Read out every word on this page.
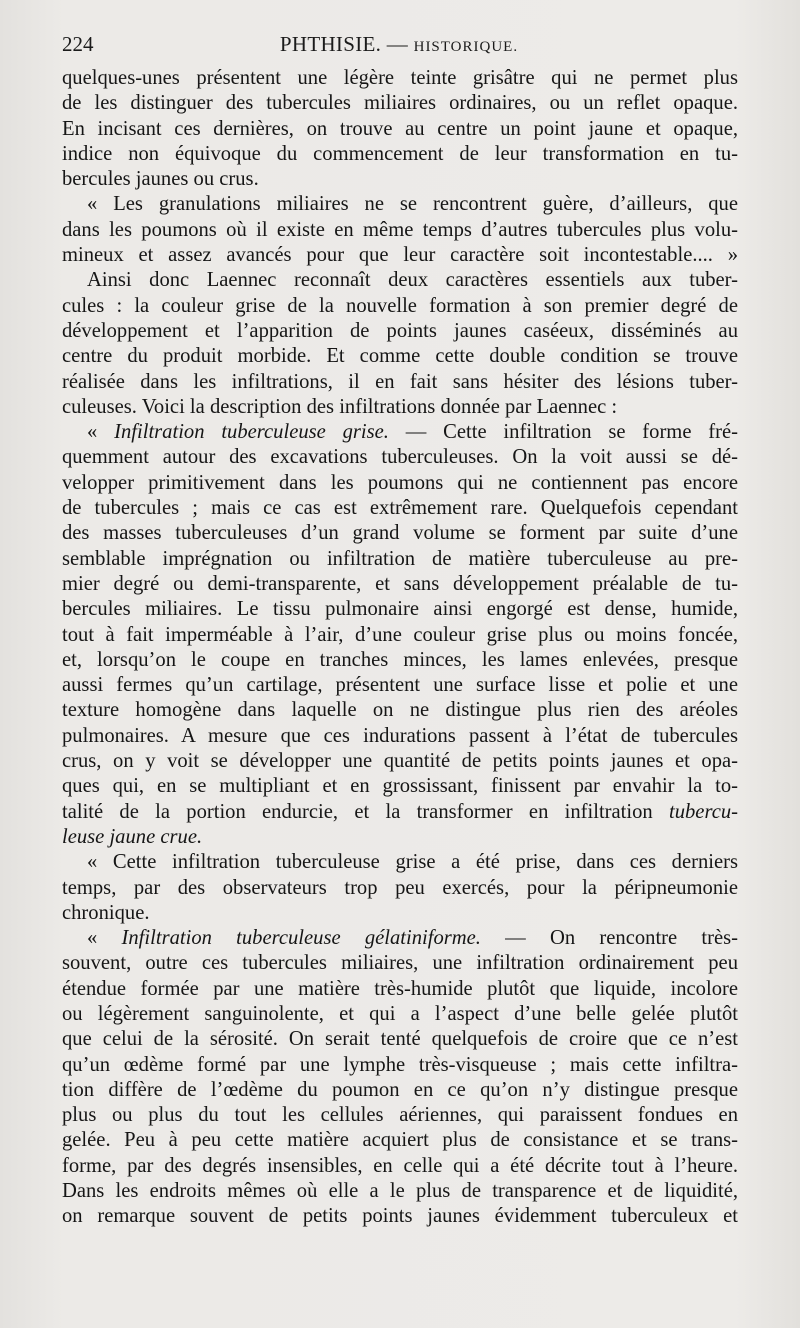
224	PHTHISIE. — HISTORIQUE.
quelques-unes présentent une légère teinte grisâtre qui ne permet plus
de les distinguer des tubercules miliaires ordinaires, ou un reflet opaque.
En incisant ces dernières, on trouve au centre un point jaune et opaque,
indice non équivoque du commencement de leur transformation en tu-
bercules jaunes ou crus.
« Les granulations miliaires ne se rencontrent guère, d’ailleurs, que
dans les poumons où il existe en même temps d’autres tubercules plus volu-
mineux et assez avancés pour que leur caractère soit incontestable.... »
Ainsi donc Laennec reconnaît deux caractères essentiels aux tuber-
cules : la couleur grise de la nouvelle formation à son premier degré de
développement et l’apparition de points jaunes caséeux, disséminés au
centre du produit morbide. Et comme cette double condition se trouve
réalisée dans les infiltrations, il en fait sans hésiter des lésions tuber-
culeuses. Voici la description des infiltrations donnée par Laennec :
« Infiltration tuberculeuse grise. — Cette infiltration se forme fré-
quemment autour des excavations tuberculeuses. On la voit aussi se dé-
velopper primitivement dans les poumons qui ne contiennent pas encore
de tubercules ; mais ce cas est extrêmement rare. Quelquefois cependant
des masses tuberculeuses d’un grand volume se forment par suite d’une
semblable imprégnation ou infiltration de matière tuberculeuse au pre-
mier degré ou demi-transparente, et sans développement préalable de tu-
bercules miliaires. Le tissu pulmonaire ainsi engorgé est dense, humide,
tout à fait imperméable à l’air, d’une couleur grise plus ou moins foncée,
et, lorsqu’on le coupe en tranches minces, les lames enlevées, presque
aussi fermes qu’un cartilage, présentent une surface lisse et polie et une
texture homogène dans laquelle on ne distingue plus rien des aréoles
pulmonaires. A mesure que ces indurations passent à l’état de tubercules
crus, on y voit se développer une quantité de petits points jaunes et opa-
ques qui, en se multipliant et en grossissant, finissent par envahir la to-
talité de la portion endurcie, et la transformer en infiltration tubercu-
leuse jaune crue.
« Cette infiltration tuberculeuse grise a été prise, dans ces derniers
temps, par des observateurs trop peu exercés, pour la péripneumonie
chronique.
« Infiltration tuberculeuse gélatiniforme. — On rencontre très-
souvent, outre ces tubercules miliaires, une infiltration ordinairement peu
étendue formée par une matière très-humide plutôt que liquide, incolore
ou légèrement sanguinolente, et qui a l’aspect d’une belle gelée plutôt
que celui de la sérosité. On serait tenté quelquefois de croire que ce n’est
qu’un œdème formé par une lymphe très-visqueuse ; mais cette infiltra-
tion diffère de l’œdème du poumon en ce qu’on n’y distingue presque
plus ou plus du tout les cellules aériennes, qui paraissent fondues en
gelée. Peu à peu cette matière acquiert plus de consistance et se trans-
forme, par des degrés insensibles, en celle qui a été décrite tout à l’heure.
Dans les endroits mêmes où elle a le plus de transparence et de liquidité,
on remarque souvent de petits points jaunes évidemment tuberculeux et
